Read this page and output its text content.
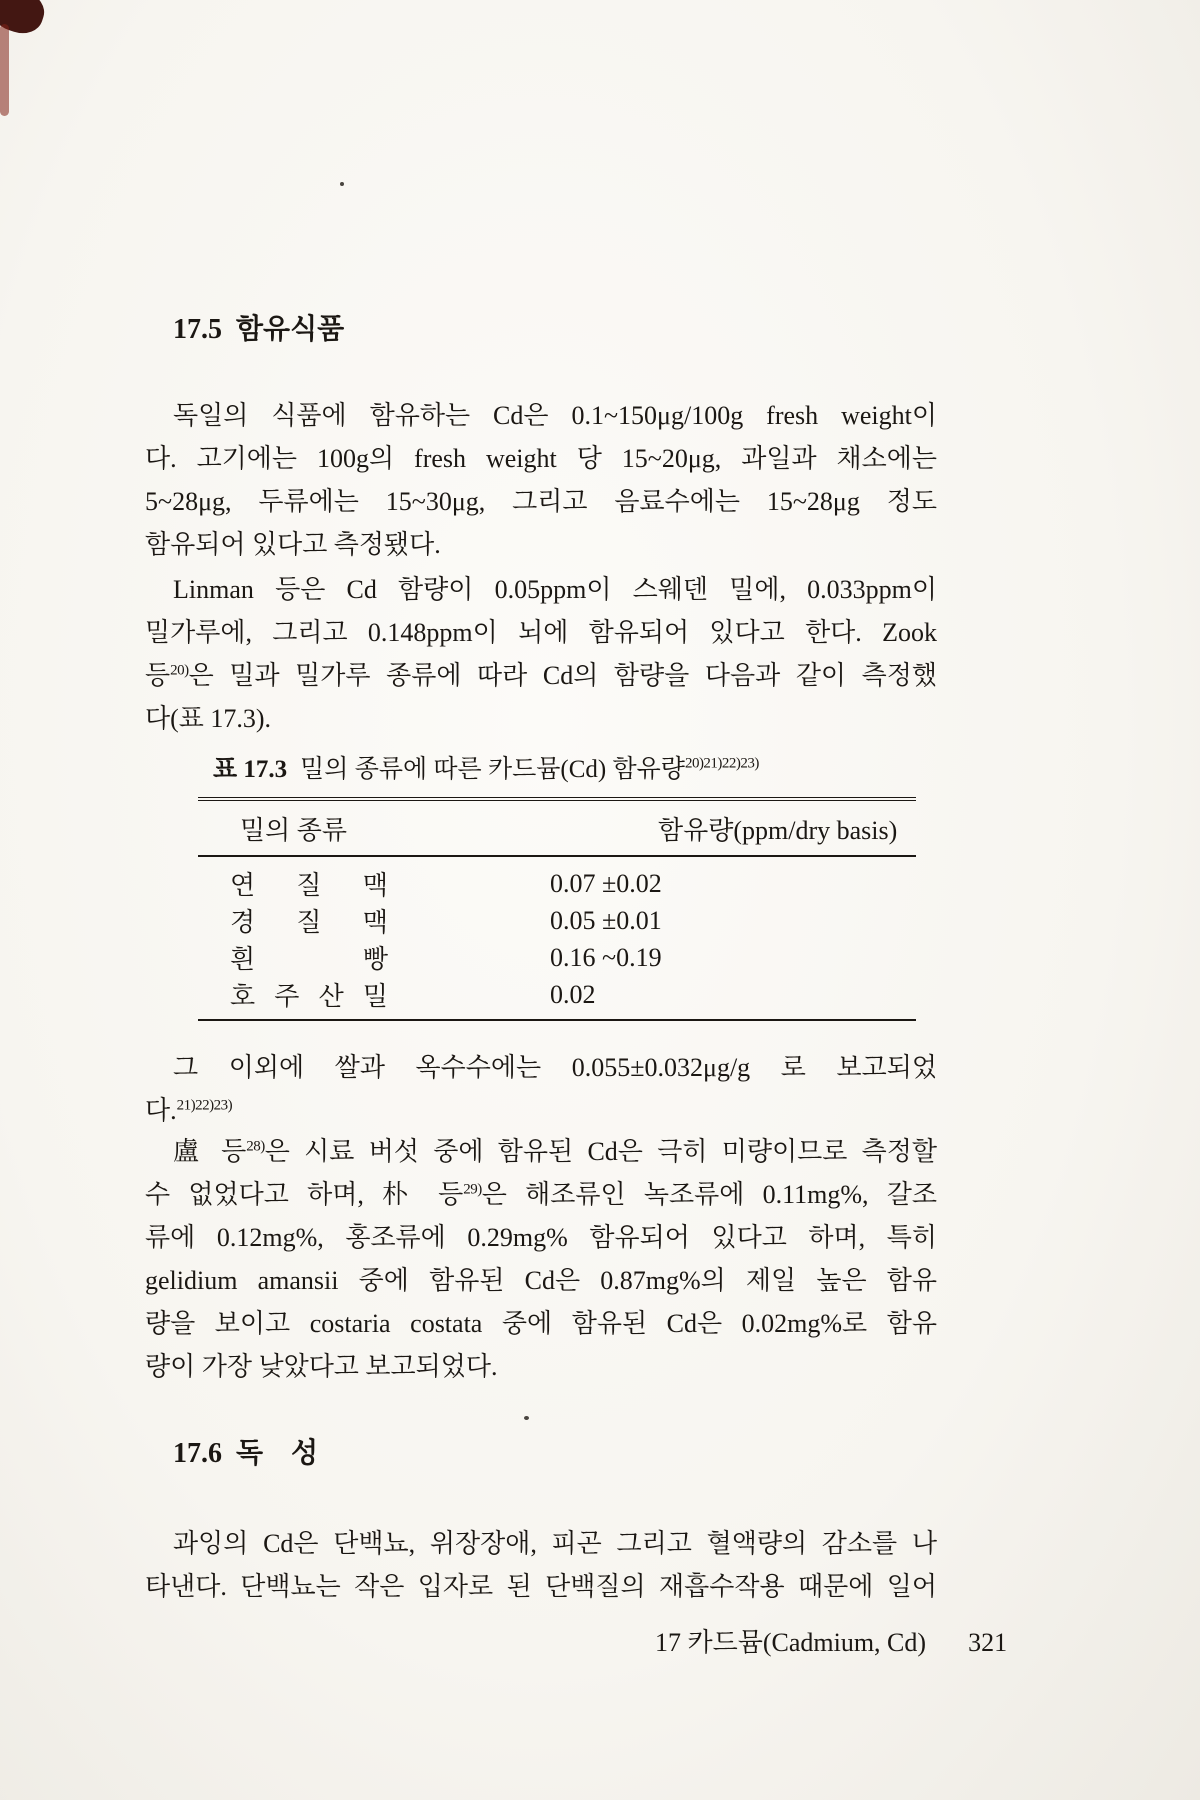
17.5 함유식품
독일의 식품에 함유하는 Cd은 0.1~150μg/100g fresh weight이
다. 고기에는 100g의 fresh weight 당 15~20μg, 과일과 채소에는
5~28μg, 두류에는 15~30μg, 그리고 음료수에는 15~28μg 정도
함유되어 있다고 측정됐다.
Linman 등은 Cd 함량이 0.05ppm이 스웨덴 밀에, 0.033ppm이
밀가루에, 그리고 0.148ppm이 뇌에 함유되어 있다고 한다. Zook
등$^{20)}$은 밀과 밀가루 종류에 따라 Cd의 함량을 다음과 같이 측정했
다(표 17.3).
표 17.3 밀의 종류에 따른 카드뮴(Cd) 함유량$^{20)21)22)23)}$
밀의 종류	함유량(ppm/dry basis)
연 질 맥	0.07 ±0.02
경 질 맥	0.05 ±0.01
흰 빵	0.16 ~0.19
호 주 산 밀	0.02
그 이외에 쌀과 옥수수에는 0.055±0.032μg/g 로 보고되었
다.$^{21)22)23)}$
盧 등$^{28)}$은 시료 버섯 중에 함유된 Cd은 극히 미량이므로 측정할
수 없었다고 하며, 朴 등$^{29)}$은 해조류인 녹조류에 0.11mg%, 갈조
류에 0.12mg%, 홍조류에 0.29mg% 함유되어 있다고 하며, 특히
gelidium amansii 중에 함유된 Cd은 0.87mg%의 제일 높은 함유
량을 보이고 costaria costata 중에 함유된 Cd은 0.02mg%로 함유
량이 가장 낮았다고 보고되었다.
17.6 독 성
과잉의 Cd은 단백뇨, 위장장애, 피곤 그리고 혈액량의 감소를 나
타낸다. 단백뇨는 작은 입자로 된 단백질의 재흡수작용 때문에 일어
17 카드뮴(Cadmium, Cd) 321
